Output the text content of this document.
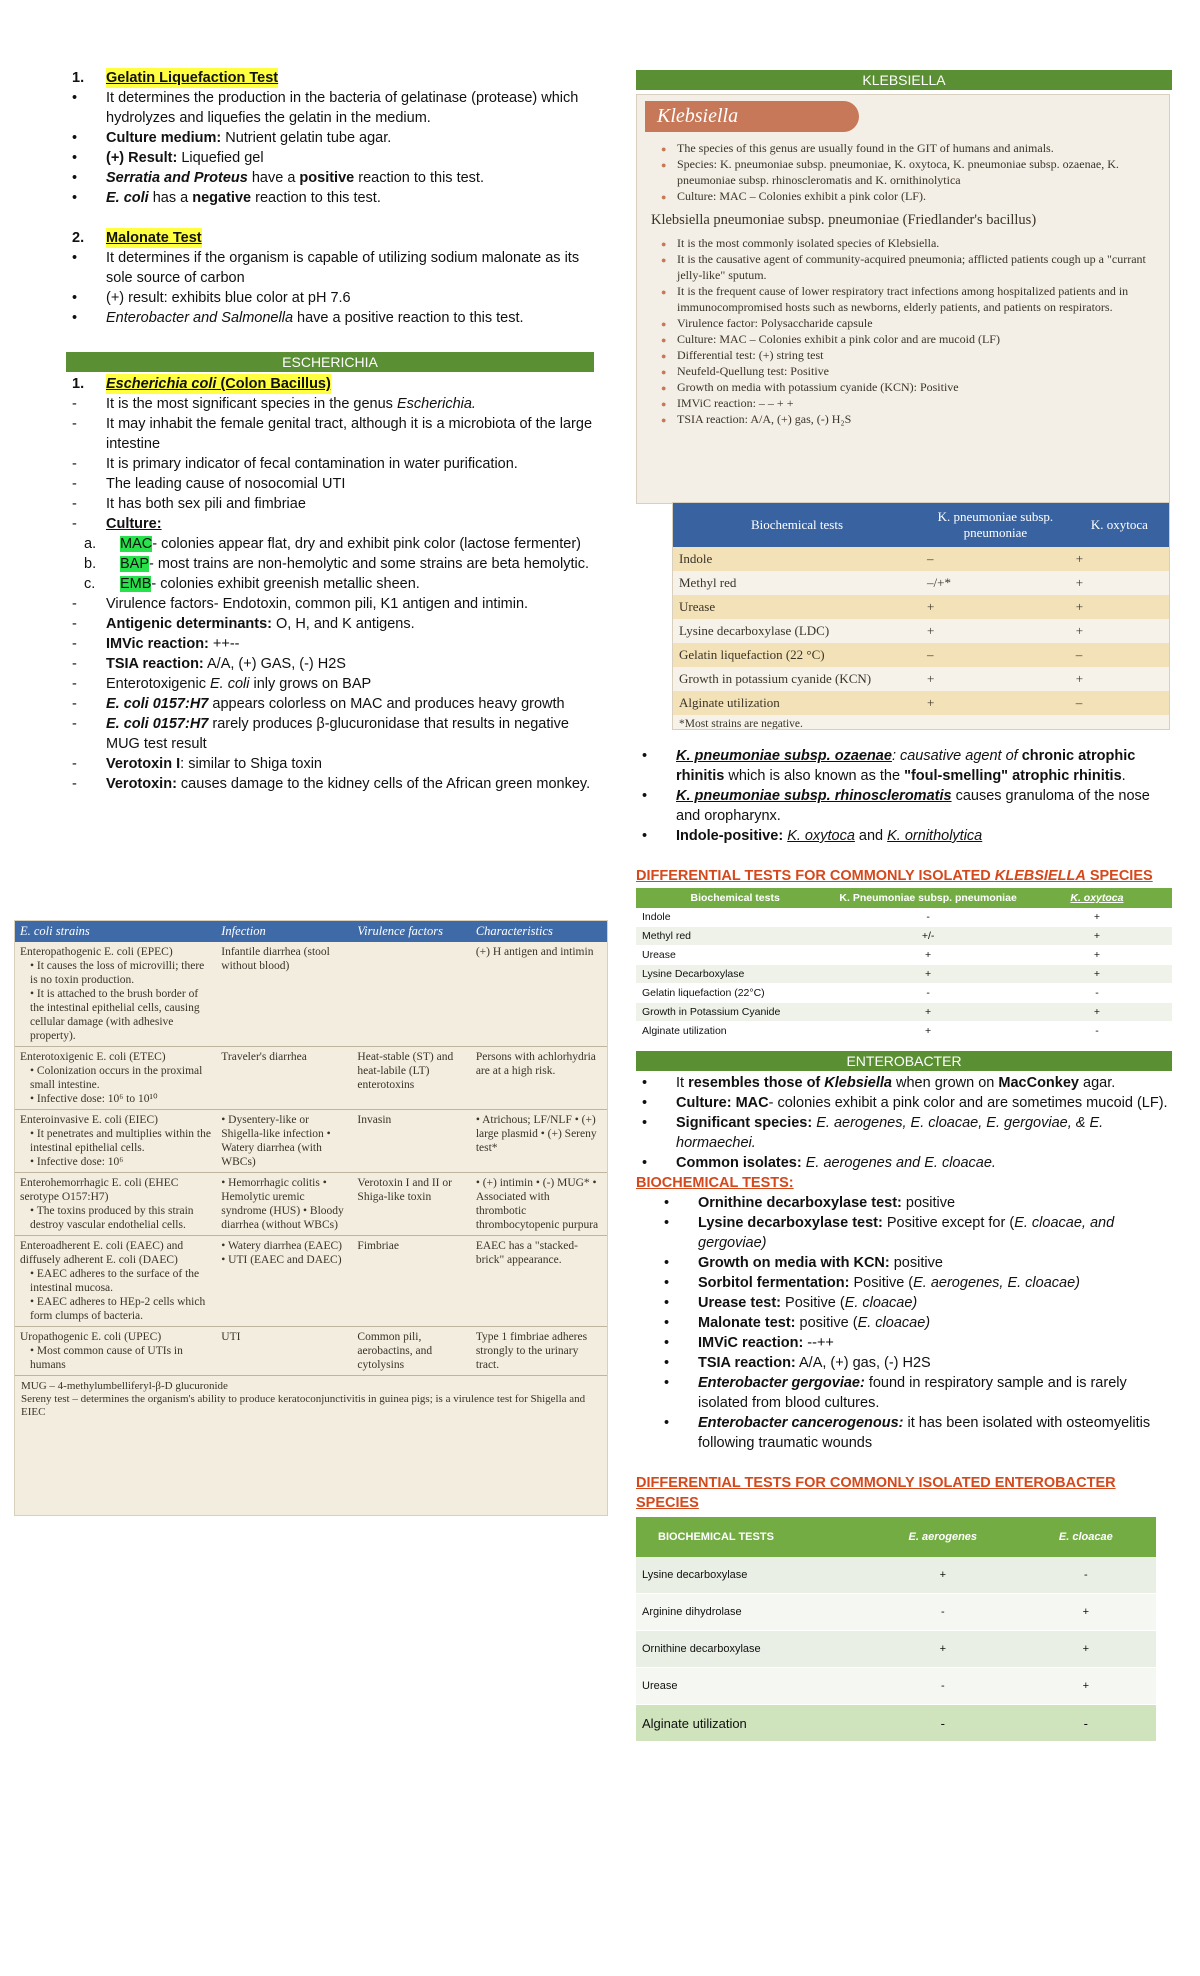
1. Gelatin Liquefaction Test
•	It determines the production in the bacteria of gelatinase (protease) which hydrolyzes and liquefies the gelatin in the medium.
•	Culture medium: Nutrient gelatin tube agar.
•	(+) Result: Liquefied gel
•	Serratia and Proteus have a positive reaction to this test.
•	E. coli has a negative reaction to this test.
2. Malonate Test
•	It determines if the organism is capable of utilizing sodium malonate as its sole source of carbon
•	(+) result: exhibits blue color at pH 7.6
•	Enterobacter and Salmonella have a positive reaction to this test.
ESCHERICHIA
1. Escherichia coli (Colon Bacillus)
-	It is the most significant species in the genus Escherichia.
-	It may inhabit the female genital tract, although it is a microbiota of the large intestine
-	It is primary indicator of fecal contamination in water purification.
-	The leading cause of nosocomial UTI
-	It has both sex pili and fimbriae
-	Culture:
a.	MAC- colonies appear flat, dry and exhibit pink color (lactose fermenter)
b.	BAP- most trains are non-hemolytic and some strains are beta hemolytic.
c.	EMB- colonies exhibit greenish metallic sheen.
-	Virulence factors- Endotoxin, common pili, K1 antigen and intimin.
-	Antigenic determinants: O, H, and K antigens.
-	IMVic reaction: ++--
-	TSIA reaction: A/A, (+) GAS, (-) H2S
-	Enterotoxigenic E. coli inly grows on BAP
-	E. coli 0157:H7 appears colorless on MAC and produces heavy growth
-	E. coli 0157:H7 rarely produces β-glucuronidase that results in negative MUG test result
-	Verotoxin I: similar to Shiga toxin
-	Verotoxin: causes damage to the kidney cells of the African green monkey.
E. coli strains	Infection	Virulence factors	Characteristics
Enteropathogenic E. coli (EPEC)
• It causes the loss of microvilli; there is no toxin production.
• It is attached to the brush border of the intestinal epithelial cells, causing cellular damage (with adhesive property).	Infantile diarrhea (stool without blood)		(+) H antigen and intimin
Enterotoxigenic E. coli (ETEC)
• Colonization occurs in the proximal small intestine.
• Infective dose: 10⁶ to 10¹⁰	Traveler's diarrhea	Heat-stable (ST) and heat-labile (LT) enterotoxins	Persons with achlorhydria are at a high risk.
Enteroinvasive E. coli (EIEC)
• It penetrates and multiplies within the intestinal epithelial cells.
• Infective dose: 10⁶	• Dysentery-like or Shigella-like infection • Watery diarrhea (with WBCs)	Invasin	• Atrichous; LF/NLF • (+) large plasmid • (+) Sereny test*
Enterohemorrhagic E. coli (EHEC serotype O157:H7)
• The toxins produced by this strain destroy vascular endothelial cells.	• Hemorrhagic colitis • Hemolytic uremic syndrome (HUS) • Bloody diarrhea (without WBCs)	Verotoxin I and II or Shiga-like toxin	• (+) intimin • (-) MUG* • Associated with thrombotic thrombocytopenic purpura
Enteroadherent E. coli (EAEC) and diffusely adherent E. coli (DAEC)
• EAEC adheres to the surface of the intestinal mucosa.
• EAEC adheres to HEp-2 cells which form clumps of bacteria.	• Watery diarrhea (EAEC) • UTI (EAEC and DAEC)	Fimbriae	EAEC has a "stacked-brick" appearance.
Uropathogenic E. coli (UPEC)
• Most common cause of UTIs in humans	UTI	Common pili, aerobactins, and cytolysins	Type 1 fimbriae adheres strongly to the urinary tract.
MUG – 4-methylumbelliferyl-β-D glucuronide
Sereny test – determines the organism's ability to produce keratoconjunctivitis in guinea pigs; is a virulence test for Shigella and EIEC
KLEBSIELLA
Klebsiella
● The species of this genus are usually found in the GIT of humans and animals.
● Species: K. pneumoniae subsp. pneumoniae, K. oxytoca, K. pneumoniae subsp. ozaenae, K. pneumoniae subsp. rhinoscleromatis and K. ornithinolytica
● Culture: MAC – Colonies exhibit a pink color (LF).
Klebsiella pneumoniae subsp. pneumoniae (Friedlander's bacillus)
● It is the most commonly isolated species of Klebsiella.
● It is the causative agent of community-acquired pneumonia; afflicted patients cough up a "currant jelly-like" sputum.
● It is the frequent cause of lower respiratory tract infections among hospitalized patients and in immunocompromised hosts such as newborns, elderly patients, and patients on respirators.
● Virulence factor: Polysaccharide capsule
● Culture: MAC – Colonies exhibit a pink color and are mucoid (LF)
● Differential test: (+) string test
● Neufeld-Quellung test: Positive
● Growth on media with potassium cyanide (KCN): Positive
● IMViC reaction: – – + +
● TSIA reaction: A/A, (+) gas, (-) H₂S
Biochemical tests	K. pneumoniae subsp. pneumoniae	K. oxytoca
Indole	–	+
Methyl red	–/+*	+
Urease	+	+
Lysine decarboxylase (LDC)	+	+
Gelatin liquefaction (22 °C)	–	–
Growth in potassium cyanide (KCN)	+	+
Alginate utilization	+	–
*Most strains are negative.
•	K. pneumoniae subsp. ozaenae: causative agent of chronic atrophic rhinitis which is also known as the "foul-smelling" atrophic rhinitis.
•	K. pneumoniae subsp. rhinoscleromatis causes granuloma of the nose and oropharynx.
•	Indole-positive: K. oxytoca and K. ornitholytica
DIFFERENTIAL TESTS FOR COMMONLY ISOLATED KLEBSIELLA SPECIES
Biochemical tests	K. Pneumoniae subsp. pneumoniae	K. oxytoca
Indole	-	+
Methyl red	+/-	+
Urease	+	+
Lysine Decarboxylase	+	+
Gelatin liquefaction (22°C)	-	-
Growth in Potassium Cyanide	+	+
Alginate utilization	+	-
ENTEROBACTER
•	It resembles those of Klebsiella when grown on MacConkey agar.
•	Culture: MAC- colonies exhibit a pink color and are sometimes mucoid (LF).
•	Significant species: E. aerogenes, E. cloacae, E. gergoviae, & E. hormaechei.
•	Common isolates: E. aerogenes and E. cloacae.
BIOCHEMICAL TESTS:
•	Ornithine decarboxylase test: positive
•	Lysine decarboxylase test: Positive except for (E. cloacae, and gergoviae)
•	Growth on media with KCN: positive
•	Sorbitol fermentation: Positive (E. aerogenes, E. cloacae)
•	Urease test: Positive (E. cloacae)
•	Malonate test: positive (E. cloacae)
•	IMViC reaction: --++
•	TSIA reaction: A/A, (+) gas, (-) H2S
•	Enterobacter gergoviae: found in respiratory sample and is rarely isolated from blood cultures.
•	Enterobacter cancerogenous: it has been isolated with osteomyelitis following traumatic wounds
DIFFERENTIAL TESTS FOR COMMONLY ISOLATED ENTEROBACTER SPECIES
BIOCHEMICAL TESTS	E. aerogenes	E. cloacae
Lysine decarboxylase	+	-
Arginine dihydrolase	-	+
Ornithine decarboxylase	+	+
Urease	-	+
Alginate utilization	-	-
